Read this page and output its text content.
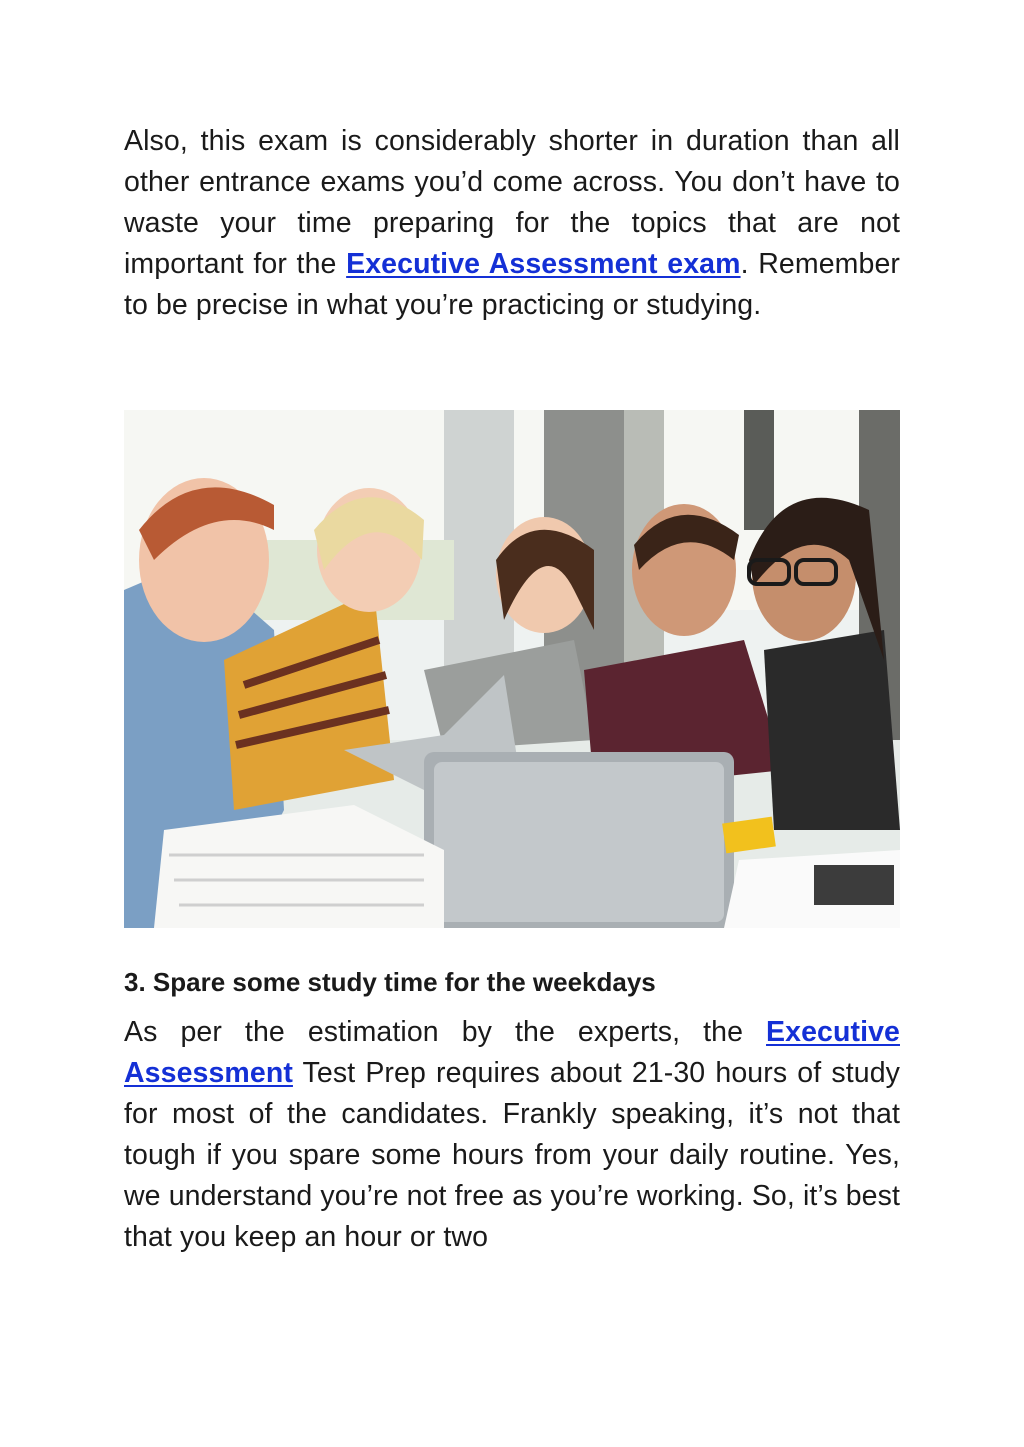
Also, this exam is considerably shorter in duration than all other entrance exams you’d come across. You don’t have to waste your time preparing for the topics that are not important for the Executive Assessment exam. Remember to be precise in what you’re practicing or studying.

3. Spare some study time for the weekdays

As per the estimation by the experts, the Executive Assessment Test Prep requires about 21-30 hours of study for most of the candidates. Frankly speaking, it’s not that tough if you spare some hours from your daily routine. Yes, we understand you’re not free as you’re working. So, it’s best that you keep an hour or two
